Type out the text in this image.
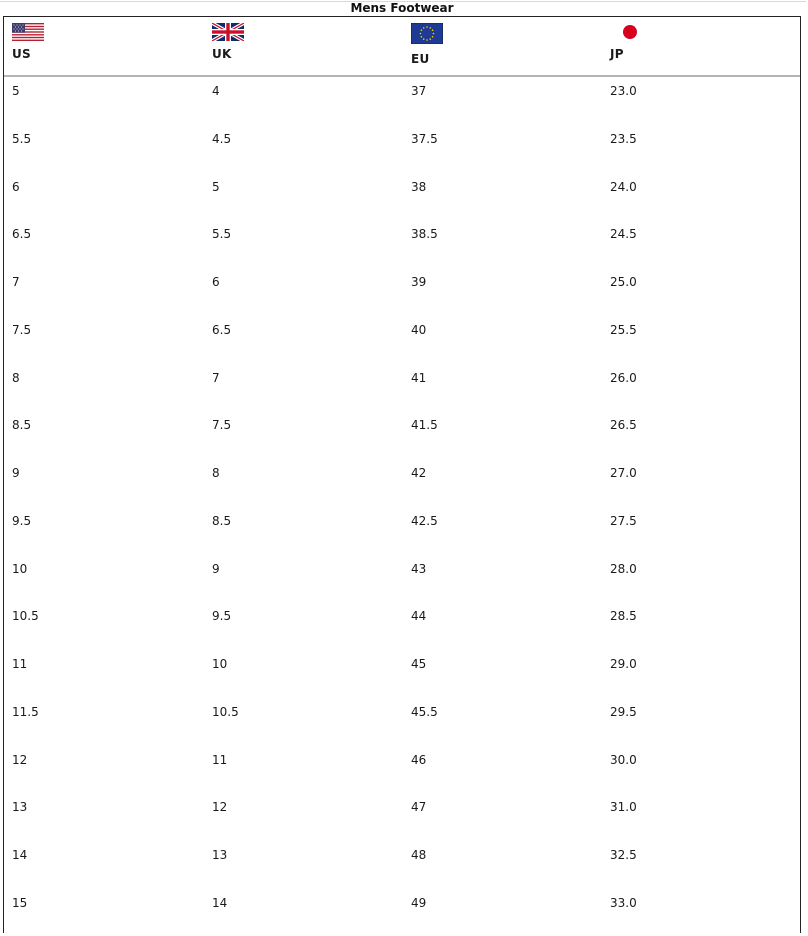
Mens Footwear
US	UK	EU	JP
5	4	37	23.0
5.5	4.5	37.5	23.5
6	5	38	24.0
6.5	5.5	38.5	24.5
7	6	39	25.0
7.5	6.5	40	25.5
8	7	41	26.0
8.5	7.5	41.5	26.5
9	8	42	27.0
9.5	8.5	42.5	27.5
10	9	43	28.0
10.5	9.5	44	28.5
11	10	45	29.0
11.5	10.5	45.5	29.5
12	11	46	30.0
13	12	47	31.0
14	13	48	32.5
15	14	49	33.0
